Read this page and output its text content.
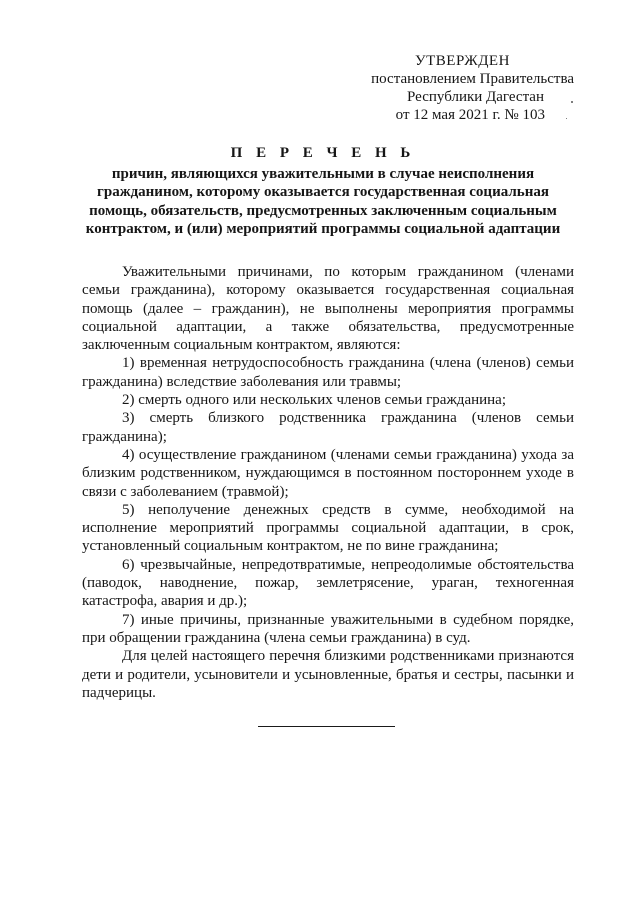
УТВЕРЖДЕН
постановлением Правительства
Республики Дагестан
от 12 мая 2021 г. № 103
П Е Р Е Ч Е Н Ь
причин, являющихся уважительными в случае неисполнения гражданином, которому оказывается государственная социальная помощь, обязательств, предусмотренных заключенным социальным контрактом, и (или) мероприятий программы социальной адаптации

Уважительными причинами, по которым гражданином (членами семьи гражданина), которому оказывается государственная социальная помощь (далее – гражданин), не выполнены мероприятия программы социальной адаптации, а также обязательства, предусмотренные заключенным социальным контрактом, являются:

1) временная нетрудоспособность гражданина (члена (членов) семьи гражданина) вследствие заболевания или травмы;

2) смерть одного или нескольких членов семьи гражданина;

3) смерть близкого родственника гражданина (членов семьи гражданина);

4) осуществление гражданином (членами семьи гражданина) ухода за близким родственником, нуждающимся в постоянном постороннем уходе в связи с заболеванием (травмой);

5) неполучение денежных средств в сумме, необходимой на исполнение мероприятий программы социальной адаптации, в срок, установленный социальным контрактом, не по вине гражданина;

6) чрезвычайные, непредотвратимые, непреодолимые обстоятельства (паводок, наводнение, пожар, землетрясение, ураган, техногенная катастрофа, авария и др.);

7) иные причины, признанные уважительными в судебном порядке, при обращении гражданина (члена семьи гражданина) в суд.

Для целей настоящего перечня близкими родственниками признаются дети и родители, усыновители и усыновленные, братья и сестры, пасынки и падчерицы.
